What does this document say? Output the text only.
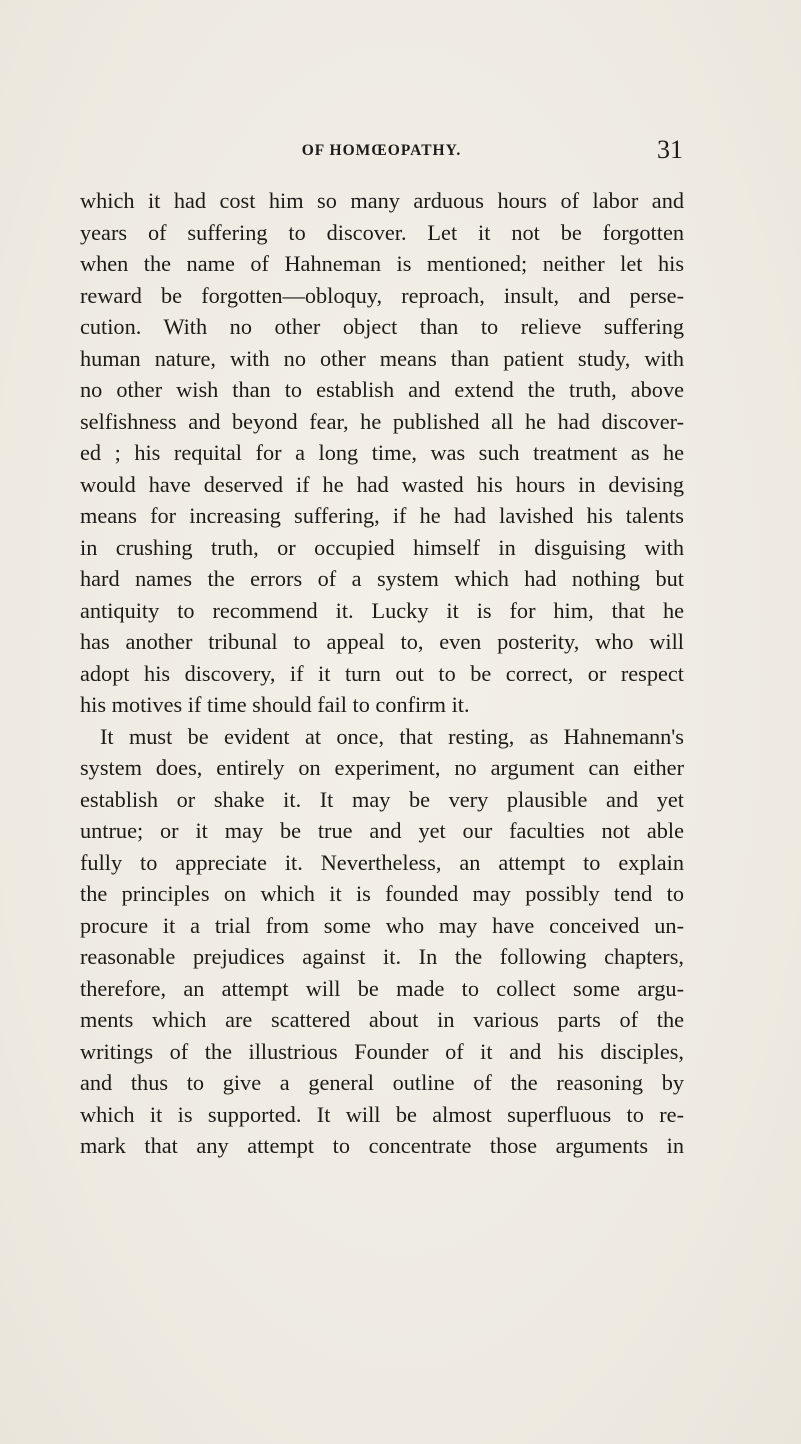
OF HOMŒOPATHY.	31
which it had cost him so many arduous hours of labor and
years of suffering to discover. Let it not be forgotten
when the name of Hahneman is mentioned; neither let his
reward be forgotten—obloquy, reproach, insult, and perse-
cution. With no other object than to relieve suffering
human nature, with no other means than patient study, with
no other wish than to establish and extend the truth, above
selfishness and beyond fear, he published all he had discover-
ed ; his requital for a long time, was such treatment as he
would have deserved if he had wasted his hours in devising
means for increasing suffering, if he had lavished his talents
in crushing truth, or occupied himself in disguising with
hard names the errors of a system which had nothing but
antiquity to recommend it. Lucky it is for him, that he
has another tribunal to appeal to, even posterity, who will
adopt his discovery, if it turn out to be correct, or respect
his motives if time should fail to confirm it.
It must be evident at once, that resting, as Hahnemann's
system does, entirely on experiment, no argument can either
establish or shake it. It may be very plausible and yet
untrue; or it may be true and yet our faculties not able
fully to appreciate it. Nevertheless, an attempt to explain
the principles on which it is founded may possibly tend to
procure it a trial from some who may have conceived un-
reasonable prejudices against it. In the following chapters,
therefore, an attempt will be made to collect some argu-
ments which are scattered about in various parts of the
writings of the illustrious Founder of it and his disciples,
and thus to give a general outline of the reasoning by
which it is supported. It will be almost superfluous to re-
mark that any attempt to concentrate those arguments in
